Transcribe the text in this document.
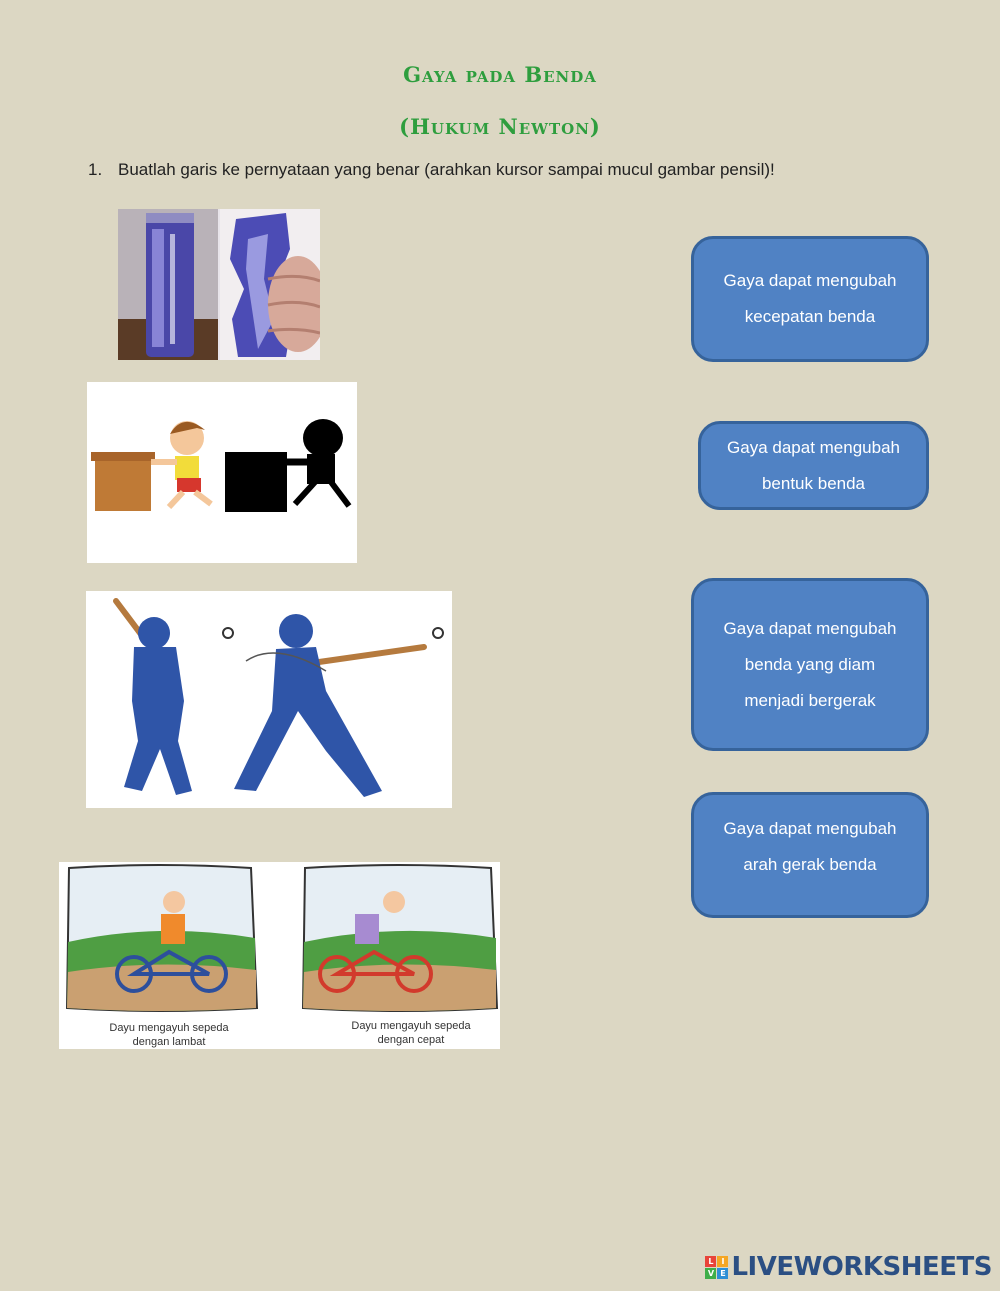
Gaya pada Benda
(Hukum Newton)
1. Buatlah garis ke pernyataan yang benar (arahkan kursor sampai mucul gambar pensil)!
Dayu mengayuh sepeda
dengan lambat
Dayu mengayuh sepeda
dengan cepat
Gaya dapat mengubah
kecepatan benda
Gaya dapat mengubah
bentuk benda
Gaya dapat mengubah
benda yang diam
menjadi bergerak
Gaya dapat mengubah
arah gerak benda
L I
V E LIVEWORKSHEETS
